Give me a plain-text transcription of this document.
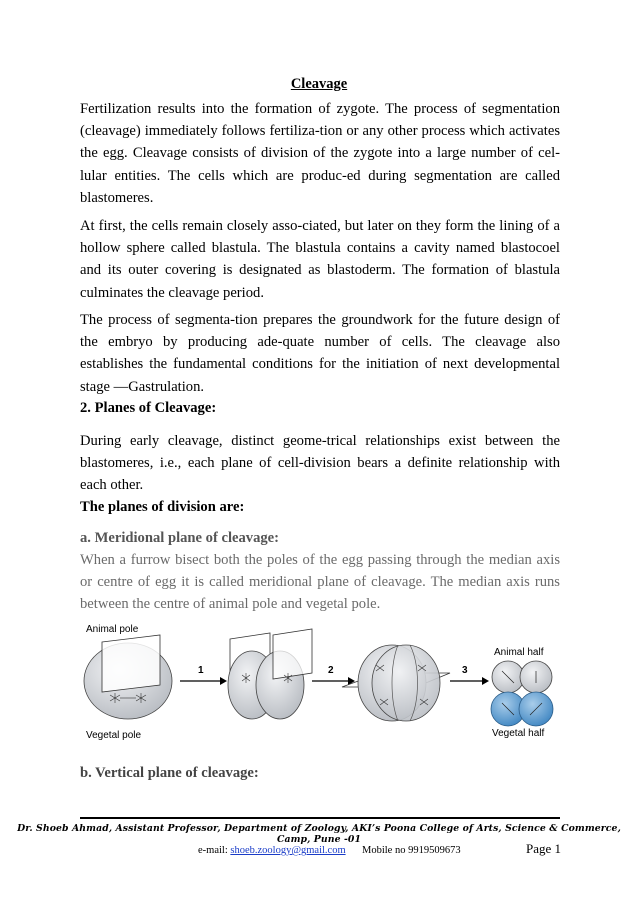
Cleavage

Fertilization results into the formation of zygote. The process of segmentation (cleavage) immediately follows fertiliza-tion or any other process which activates the egg. Cleavage consists of division of the zygote into a large number of cel-lular entities. The cells which are produc-ed during segmentation are called blastomeres.

At first, the cells remain closely asso-ciated, but later on they form the lining of a hollow sphere called blastula. The blastula contains a cavity named blastocoel and its outer covering is designated as blastoderm. The formation of blastula culminates the cleavage period.

The process of segmenta-tion prepares the groundwork for the future design of the embryo by producing ade-quate number of cells. The cleavage also establishes the fundamental conditions for the initiation of next developmental stage —Gastrulation.

2. Planes of Cleavage:

During early cleavage, distinct geome-trical relationships exist between the blastomeres, i.e., each plane of cell-division bears a definite relationship with each other.

The planes of division are:

a. Meridional plane of cleavage:

When a furrow bisect both the poles of the egg passing through the median axis or centre of egg it is called meridional plane of cleavage. The median axis runs between the centre of animal pole and vegetal pole.

Animal pole
Vegetal pole
Animal half
Vegetal half
1	2	3

b. Vertical plane of cleavage:

Dr. Shoeb Ahmad, Assistant Professor, Department of Zoology, AKI’s Poona College of Arts, Science & Commerce, Camp, Pune -01
e-mail: shoeb.zoology@gmail.com Mobile no 9919509673	Page 1
